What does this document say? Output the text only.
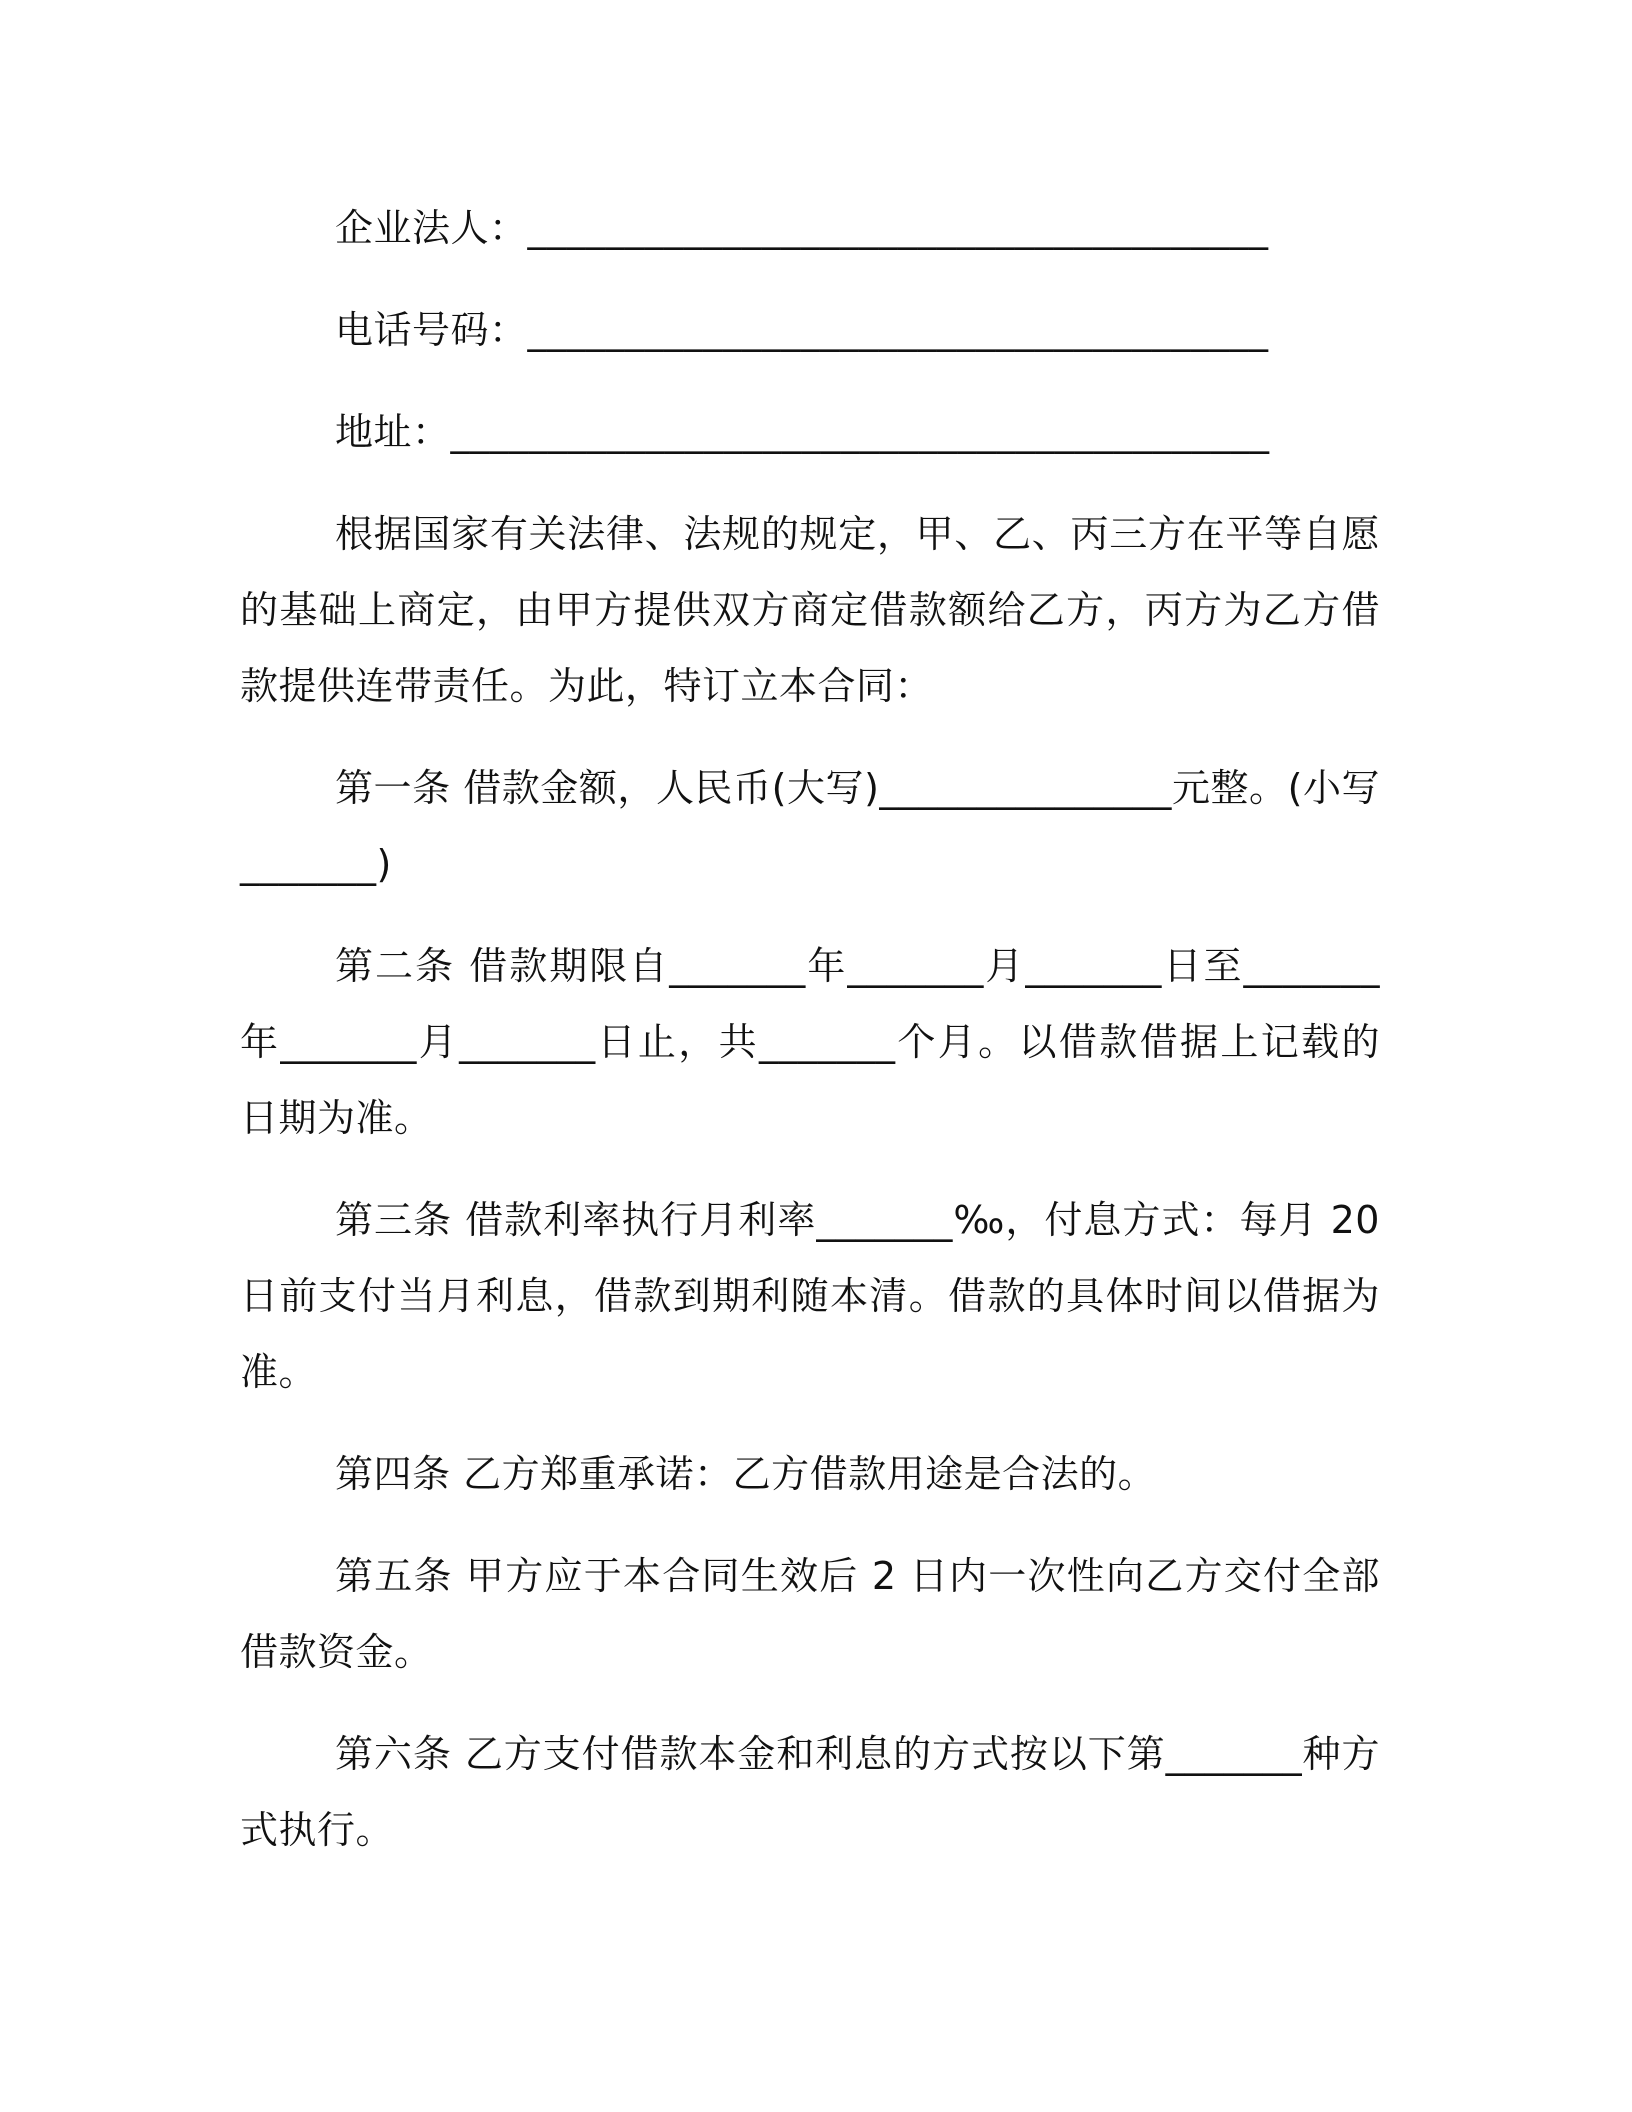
企业法人：______________________________________

电话号码：______________________________________

地址：__________________________________________

根据国家有关法律、法规的规定，甲、乙、丙三方在平等自愿的基础上商定，由甲方提供双方商定借款额给乙方，丙方为乙方借款提供连带责任。为此，特订立本合同：

第一条 借款金额，人民币(大写)_______________元整。(小写_______)

第二条 借款期限自_______年_______月_______日至_______年_______月_______日止，共_______个月。以借款借据上记载的日期为准。

第三条 借款利率执行月利率_______‰，付息方式：每月 20 日前支付当月利息，借款到期利随本清。借款的具体时间以借据为准。

第四条 乙方郑重承诺：乙方借款用途是合法的。

第五条 甲方应于本合同生效后 2 日内一次性向乙方交付全部借款资金。

第六条 乙方支付借款本金和利息的方式按以下第_______种方式执行。
